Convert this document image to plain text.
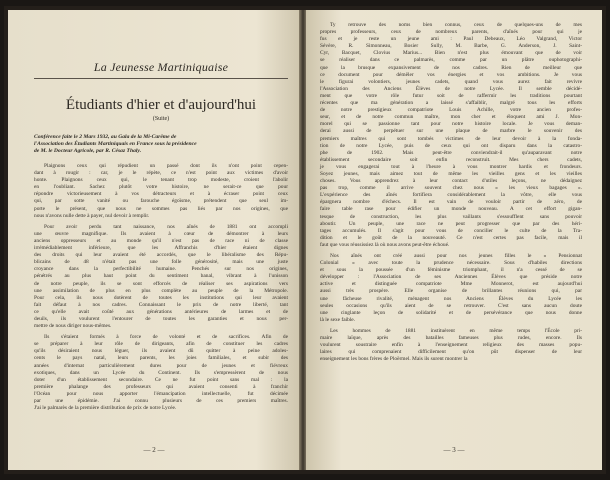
La Jeunesse Martiniquaise
Étudiants d'hier et d'aujourd'hui
(Suite)
Conférence faite le 2 Mars 1932, au Gala de la Mi-Carême de
l'Association des Étudiants Martiniquais en France sous la présidence
de M. le Docteur Agricole, par R. Césaz Thaly.

Plaignons ceux qui répudient un passé dont ils n'ont point cepen-
dant à rougir : car, je le répète, ce n'est point aux victimes d'avoir
honte. Plaignons ceux qui, le tenant trop modeste, croient l'abolir
en l'oubliant. Sachez plutôt votre histoire, ne serait-ce que pour
répondre victorieusement à vos détracteurs et à écraser point ceux
qui, par sotte vanité ou farouche égoïsme, prétendent que seul im-
porte le présent, que nous ne sommes pas liés par nos origines, que
nous n'avons nulle dette à payer, nul devoir à remplir.

Pour avoir perdu tant naissance, nos aînés de 1881 ont accompli
une œuvre magnifique. Ils avaient à cœur de démontrer à leurs
anciens oppresseurs et au monde qu'il n'est pas de race ni de classe
irrémédiablement inférieure, que les Affranchis d'hier étaient dignes
des droits qui leur avaient été accordés, que le libéralisme des Répu-
blicains de 48 n'était pas une folle générosité, mais une juste
croyance dans la perfectibilité humaine. Penchés sur nos origines,
pénétrés au plus haut point du sentiment banal, vibrant à l'unisson
de notre peuple, ils se sont efforcés de réaliser ses aspirations vers
une assimilation de plus en plus complète au peuple de la Métropole.
Pour cela, ils nous dotèrent de toutes les institutions qui leur avaient
fait défaut à nos cadres. Connaissant le prix de notre liberté, tant
ce qu'elle avait coûté aux générations antérieures de larmes et de
deuils, ils voulurent l'entourer de toutes les garanties et nous per-
mettre de nous diriger nous-mêmes.

Ils s'étaient formés à force de volonté et de sacrifices. Afin de
se préparer à leur rôle de dirigeants, afin de constituer les cadres
qu'ils désiraient nous léguer, ils avaient dû quitter à peine adoles-
cents le pays natal, leurs parents, les joies familiales, et subir des
années d'internat particulièrement dures pour de jeunes et fiévreux
exotiques, dans un Lycée du Continent. Ils s'empressèrent de nous
doter d'un établissement secondaire. Ce ne fut point sans mal : la
première phalange des professeurs qui avaient consenti à franchir
l'Océan pour nous apporter l'émancipation intellectuelle, fut décimée
par une épidémie. J'ai connu plusieurs de ces premiers maîtres.
J'ai le palmarès de la première distribution de prix de notre Lycée.

— 2 —

Ty retrouve des noms bien connus, ceux de quelques-uns de mes
propres professeurs, ceux de nombreux parents, d'aînés pour qui je
fus et je reste un jeune ami : Paul Debeaux, Léo Valgrand, Victor
Sévère, R. Simonneau, Bosier Sully, M. Barbe, G. Anderson, J. Saint-
Cyr, Bacquet, Clovius Marius... Bien n'est plus émouvant que de voir
se réaliser dans ce palmarès, comme par un plâtre ouphotographi-
que la brusque expansivement de nos cadres. Rien de meilleur que
ce document pour démêler vos énergies et vos ambitions. Je vous
le figurai volontiers, jeunes cadets, quand vous aurez fait revivre
l'Association des Anciens Élèves de notre Lycée. Il semble décidé-
ment que votre rôle futur soit de raffermir les traditions pourtant
récentes que ma génération a laissé s'affaiblir, malgré tous les efforts
de notre prestigieux compatriote Louis Achille, votre ancien profes-
seur, et de notre commun maître, mon cher et éloquent ami J. Mon-
morel qui se passionne tant pour notre histoire locale. Je vous deman-
derai aussi de perpétuer sur une plaque de marbre le souvenir des
premiers maîtres qui sont tombés victimes de leur devoir à la fonda-
tion de notre Lycée, puis de ceux qui ont disparu dans la catastro-
phe de 1902. Mais peut-être conviendrait-il qu'auparavant notre
établissement secondaire soit enfin reconstruit. Mes chers cadets,
je vous engagerai tout à l'heure à vous montrer hardis et frondeurs.
Soyez jeunes, mais aimez tout de même les vieilles gens et les vieilles
choses. Vous apprendrez à leur contact d'utiles leçons, ne dédaignez
pas trop, comme il arrive souvent chez nous « les vieux bagages ».
L'expérience des aînés fortifiera considérablement la vôtre, elle vous
épargnera nombre d'échecs. Il est vain de vouloir partir de zéro, de
faire table rase pour édifier un monde nouveau. A cet effort gigan-
tesque de construction, les plus vaillants s'essoufflent sans pouvoir
aboutir. Un peuple, une race ne peut progresser que par des héri-
tages accumulés. Il s'agit pour vous de concilier le culte de la Tra-
dition et le goût de la nouveauté. Ce n'est certes pas facile, mais il
faut que vous réussissiez là où nous avons peut-être échoué.

Nos aînés ont créé aussi pour nos jeunes filles le « Pensionnat
Colonial » avec toute la prudence nécessaire. Sous d'habiles directions
et sous la poussée d'un féminisme triomphant, il n'a cessé de se
développer : l'Association de ses Anciennes Élèves que préside notre
active et distinguée compatriote Mme Monnerot, est aujourd'hui
aussi très prospère. Elle organise de brillantes réunions qui, par
une fâcheuse rivalité, ménagent nos Anciens Élèves du Lycée les
seules occasions qu'ils aient de se retrouver. C'est sans aucun doute
une cinglante leçon de solidarité et de persévérance que nous donne
là le sexe faible.

Les hommes de 1881 instituèrent en même temps l'École pri-
maire laïque, après des batailles fameuses plus rudes, encore. Ils
voulurent soustraire enfin à l'enseignement religieux des masses popu-
laires qui comprenaient difficilement qu'on pût dispenser de leur
enseignement les bons frères de Ploërmel. Mais ils surent montrer la

— 3 —
